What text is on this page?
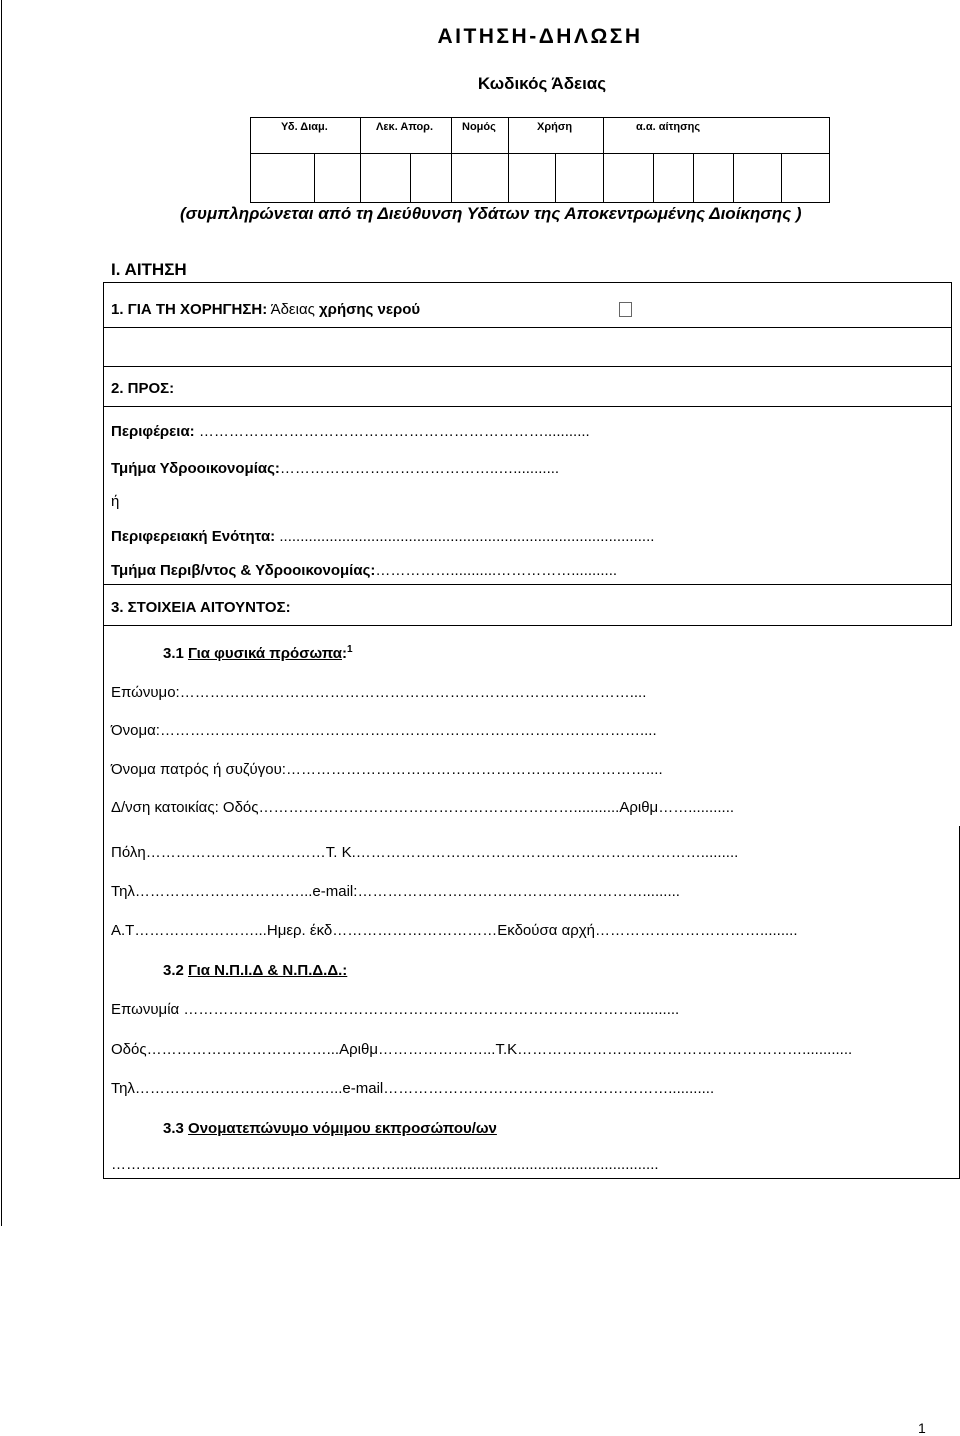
ΑΙΤΗΣΗ-ΔΗΛΩΣΗ
Κωδικός Άδειας
Υδ. Διαμ.	Λεκ. Απορ.	Νομός	Χρήση	α.α. αίτησης
(συμπληρώνεται από τη Διεύθυνση Υδάτων της Αποκεντρωμένης Διοίκησης )
Ι. ΑΙΤΗΣΗ
1. ΓΙΑ ΤΗ ΧΟΡΗΓΗΣΗ: Άδειας χρήσης νερού
2. ΠΡΟΣ:
Περιφέρεια: ……………………………………………………………...........
Τμήμα Υδροοικονομίας:……………………………………..…...........
ή
Περιφερειακή Ενότητα: ..........................................................................................
Τμήμα Περιβ/ντος & Υδροοικονομίας:……………...........……………...........
3. ΣΤΟΙΧΕΙΑ ΑΙΤΟΥΝΤΟΣ:
3.1 Για φυσικά πρόσωπα:$^1$
Επώνυμο:………………………………………………………………………………....
Όνομα:……………………………………………………………………………………....
Όνομα πατρός ή συζύγου:………………………………………………………………....
Δ/νση κατοικίας: Οδός………………………………………………………...........Αριθμ……...........
Πόλη………………………………Τ. Κ.…………………………………………………………….........
Τηλ……………………………...e-mail:………………………………………………….........
Α.Τ……………………...Ημερ. έκδ……………………………Εκδούσα αρχή…………………………….........
3.2 Για Ν.Π.Ι.Δ & Ν.Π.Δ.Δ.:
Επωνυμία ………………………………………………………………………………...........
Οδός………………………………...Αριθμ…………………...Τ.Κ…………………………………………………............
Τηλ…………………………………...e-mail…………………………………………………...........
3.3 Ονοματεπώνυμο νόμιμου εκπροσώπου/ων
…………………………………………………...............................................................
1
